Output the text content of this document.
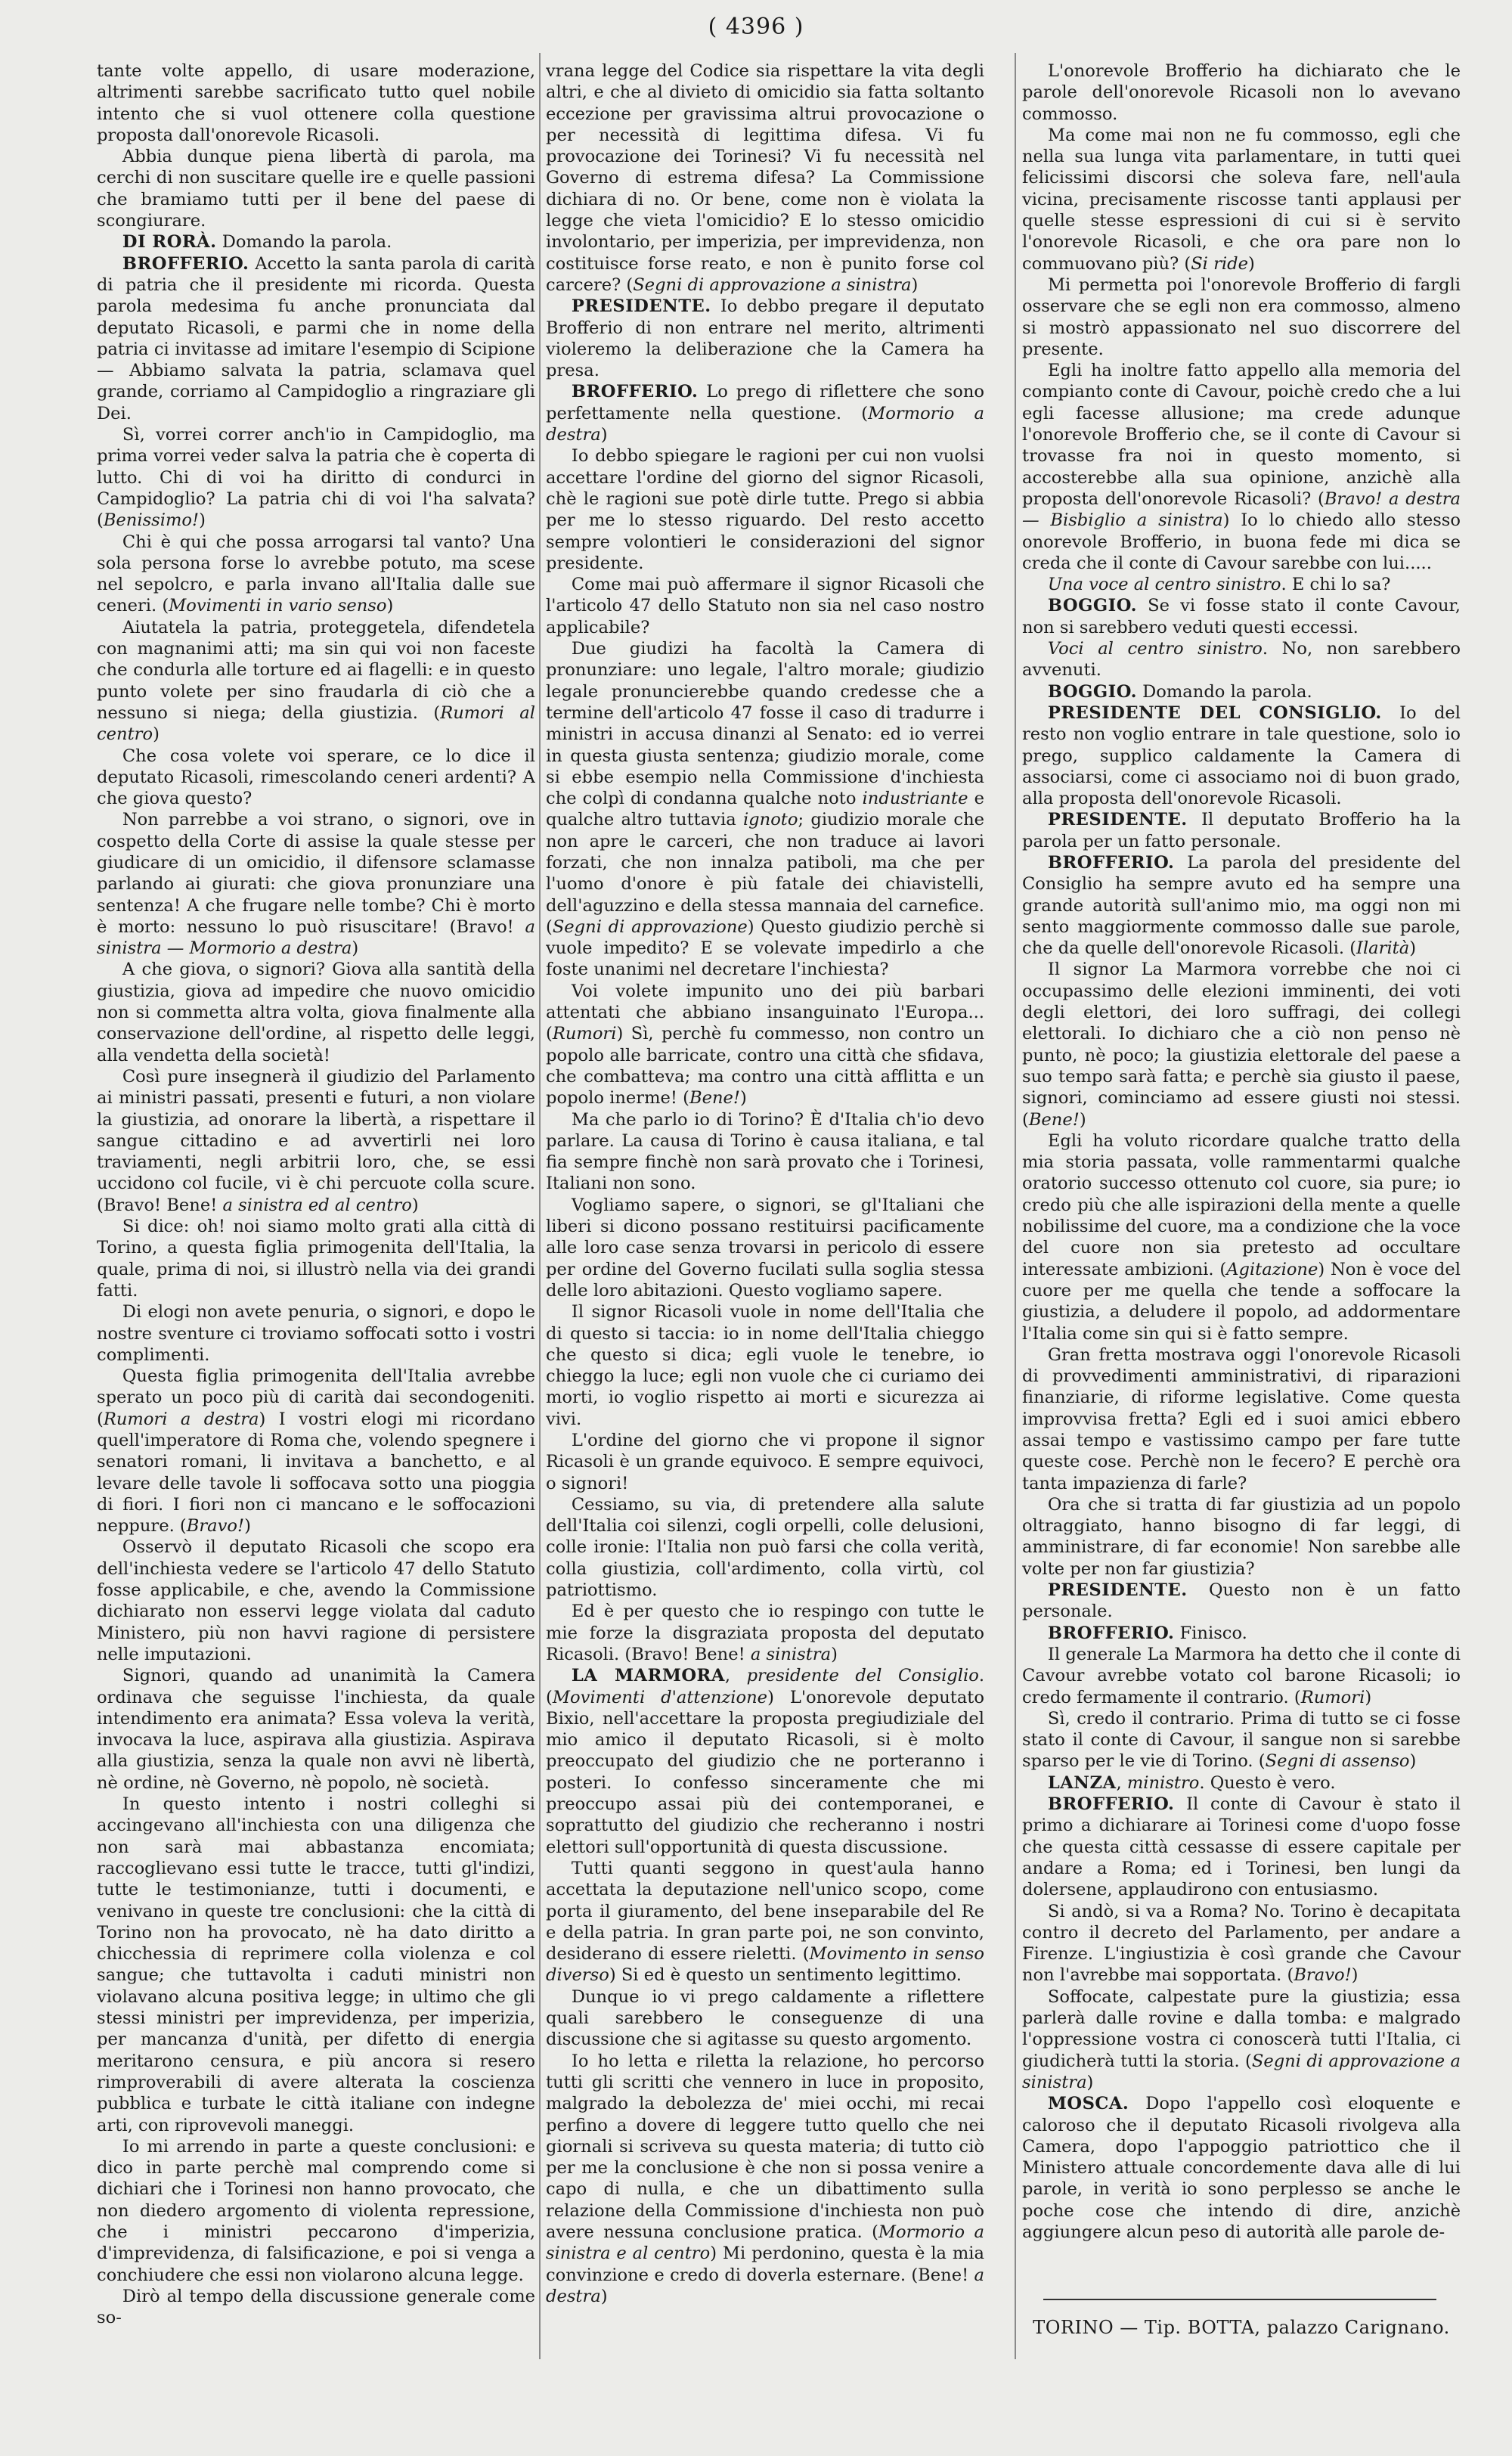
( 4396 )

tante volte appello, di usare moderazione, altrimenti sarebbe sacrificato tutto quel nobile intento che si vuol ottenere colla questione proposta dall'onorevole Ricasoli.

Abbia dunque piena libertà di parola, ma cerchi di non suscitare quelle ire e quelle passioni che bramiamo tutti per il bene del paese di scongiurare.

DI RORÀ. Domando la parola.

BROFFERIO. Accetto la santa parola di carità di patria che il presidente mi ricorda. Questa parola medesima fu anche pronunciata dal deputato Ricasoli, e parmi che in nome della patria ci invitasse ad imitare l'esempio di Scipione — Abbiamo salvata la patria, sclamava quel grande, corriamo al Campidoglio a ringraziare gli Dei.

Sì, vorrei correr anch'io in Campidoglio, ma prima vorrei veder salva la patria che è coperta di lutto. Chi di voi ha diritto di condurci in Campidoglio? La patria chi di voi l'ha salvata? (Benissimo!)

Chi è qui che possa arrogarsi tal vanto? Una sola persona forse lo avrebbe potuto, ma scese nel sepolcro, e parla invano all'Italia dalle sue ceneri. (Movimenti in vario senso)

Aiutatela la patria, proteggetela, difendetela con magnanimi atti; ma sin qui voi non faceste che condurla alle torture ed ai flagelli: e in questo punto volete per sino fraudarla di ciò che a nessuno si niega; della giustizia. (Rumori al centro)

Che cosa volete voi sperare, ce lo dice il deputato Ricasoli, rimescolando ceneri ardenti? A che giova questo?

Non parrebbe a voi strano, o signori, ove in cospetto della Corte di assise la quale stesse per giudicare di un omicidio, il difensore sclamasse parlando ai giurati: che giova pronunziare una sentenza! A che frugare nelle tombe? Chi è morto è morto: nessuno lo può risuscitare! (Bravo! a sinistra — Mormorio a destra)

A che giova, o signori? Giova alla santità della giustizia, giova ad impedire che nuovo omicidio non si commetta altra volta, giova finalmente alla conservazione dell'ordine, al rispetto delle leggi, alla vendetta della società!

Così pure insegnerà il giudizio del Parlamento ai ministri passati, presenti e futuri, a non violare la giustizia, ad onorare la libertà, a rispettare il sangue cittadino e ad avvertirli nei loro traviamenti, negli arbitrii loro, che, se essi uccidono col fucile, vi è chi percuote colla scure. (Bravo! Bene! a sinistra ed al centro)

Si dice: oh! noi siamo molto grati alla città di Torino, a questa figlia primogenita dell'Italia, la quale, prima di noi, si illustrò nella via dei grandi fatti.

Di elogi non avete penuria, o signori, e dopo le nostre sventure ci troviamo soffocati sotto i vostri complimenti.

Questa figlia primogenita dell'Italia avrebbe sperato un poco più di carità dai secondogeniti. (Rumori a destra) I vostri elogi mi ricordano quell'imperatore di Roma che, volendo spegnere i senatori romani, li invitava a banchetto, e al levare delle tavole li soffocava sotto una pioggia di fiori. I fiori non ci mancano e le soffocazioni neppure. (Bravo!)

Osservò il deputato Ricasoli che scopo era dell'inchiesta vedere se l'articolo 47 dello Statuto fosse applicabile, e che, avendo la Commissione dichiarato non esservi legge violata dal caduto Ministero, più non havvi ragione di persistere nelle imputazioni.

Signori, quando ad unanimità la Camera ordinava che seguisse l'inchiesta, da quale intendimento era animata? Essa voleva la verità, invocava la luce, aspirava alla giustizia. Aspirava alla giustizia, senza la quale non avvi nè libertà, nè ordine, nè Governo, nè popolo, nè società.

In questo intento i nostri colleghi si accingevano all'inchiesta con una diligenza che non sarà mai abbastanza encomiata; raccoglievano essi tutte le tracce, tutti gl'indizi, tutte le testimonianze, tutti i documenti, e venivano in queste tre conclusioni: che la città di Torino non ha provocato, nè ha dato diritto a chicchessia di reprimere colla violenza e col sangue; che tuttavolta i caduti ministri non violavano alcuna positiva legge; in ultimo che gli stessi ministri per imprevidenza, per imperizia, per mancanza d'unità, per difetto di energia meritarono censura, e più ancora si resero rimproverabili di avere alterata la coscienza pubblica e turbate le città italiane con indegne arti, con riprovevoli maneggi.

Io mi arrendo in parte a queste conclusioni: e dico in parte perchè mal comprendo come si dichiari che i Torinesi non hanno provocato, che non diedero argomento di violenta repressione, che i ministri peccarono d'imperizia, d'imprevidenza, di falsificazione, e poi si venga a conchiudere che essi non violarono alcuna legge.

Dirò al tempo della discussione generale come so-

vrana legge del Codice sia rispettare la vita degli altri, e che al divieto di omicidio sia fatta soltanto eccezione per gravissima altrui provocazione o per necessità di legittima difesa. Vi fu provocazione dei Torinesi? Vi fu necessità nel Governo di estrema difesa? La Commissione dichiara di no. Or bene, come non è violata la legge che vieta l'omicidio? E lo stesso omicidio involontario, per imperizia, per imprevidenza, non costituisce forse reato, e non è punito forse col carcere? (Segni di approvazione a sinistra)

PRESIDENTE. Io debbo pregare il deputato Brofferio di non entrare nel merito, altrimenti violeremo la deliberazione che la Camera ha presa.

BROFFERIO. Lo prego di riflettere che sono perfettamente nella questione. (Mormorio a destra)

Io debbo spiegare le ragioni per cui non vuolsi accettare l'ordine del giorno del signor Ricasoli, chè le ragioni sue potè dirle tutte. Prego si abbia per me lo stesso riguardo. Del resto accetto sempre volontieri le considerazioni del signor presidente.

Come mai può affermare il signor Ricasoli che l'articolo 47 dello Statuto non sia nel caso nostro applicabile?

Due giudizi ha facoltà la Camera di pronunziare: uno legale, l'altro morale; giudizio legale pronuncierebbe quando credesse che a termine dell'articolo 47 fosse il caso di tradurre i ministri in accusa dinanzi al Senato: ed io verrei in questa giusta sentenza; giudizio morale, come si ebbe esempio nella Commissione d'inchiesta che colpì di condanna qualche noto industriante e qualche altro tuttavia ignoto; giudizio morale che non apre le carceri, che non traduce ai lavori forzati, che non innalza patiboli, ma che per l'uomo d'onore è più fatale dei chiavistelli, dell'aguzzino e della stessa mannaia del carnefice. (Segni di approvazione) Questo giudizio perchè si vuole impedito? E se volevate impedirlo a che foste unanimi nel decretare l'inchiesta?

Voi volete impunito uno dei più barbari attentati che abbiano insanguinato l'Europa... (Rumori) Sì, perchè fu commesso, non contro un popolo alle barricate, contro una città che sfidava, che combatteva; ma contro una città afflitta e un popolo inerme! (Bene!)

Ma che parlo io di Torino? È d'Italia ch'io devo parlare. La causa di Torino è causa italiana, e tal fia sempre finchè non sarà provato che i Torinesi, Italiani non sono.

Vogliamo sapere, o signori, se gl'Italiani che liberi si dicono possano restituirsi pacificamente alle loro case senza trovarsi in pericolo di essere per ordine del Governo fucilati sulla soglia stessa delle loro abitazioni. Questo vogliamo sapere.

Il signor Ricasoli vuole in nome dell'Italia che di questo si taccia: io in nome dell'Italia chieggo che questo si dica; egli vuole le tenebre, io chieggo la luce; egli non vuole che ci curiamo dei morti, io voglio rispetto ai morti e sicurezza ai vivi.

L'ordine del giorno che vi propone il signor Ricasoli è un grande equivoco. E sempre equivoci, o signori!

Cessiamo, su via, di pretendere alla salute dell'Italia coi silenzi, cogli orpelli, colle delusioni, colle ironie: l'Italia non può farsi che colla verità, colla giustizia, coll'ardimento, colla virtù, col patriottismo.

Ed è per questo che io respingo con tutte le mie forze la disgraziata proposta del deputato Ricasoli. (Bravo! Bene! a sinistra)

LA MARMORA, presidente del Consiglio. (Movimenti d'attenzione) L'onorevole deputato Bixio, nell'accettare la proposta pregiudiziale del mio amico il deputato Ricasoli, si è molto preoccupato del giudizio che ne porteranno i posteri. Io confesso sinceramente che mi preoccupo assai più dei contemporanei, e soprattutto del giudizio che recheranno i nostri elettori sull'opportunità di questa discussione.

Tutti quanti seggono in quest'aula hanno accettata la deputazione nell'unico scopo, come porta il giuramento, del bene inseparabile del Re e della patria. In gran parte poi, ne son convinto, desiderano di essere rieletti. (Movimento in senso diverso) Si ed è questo un sentimento legittimo.

Dunque io vi prego caldamente a riflettere quali sarebbero le conseguenze di una discussione che si agitasse su questo argomento.

Io ho letta e riletta la relazione, ho percorso tutti gli scritti che vennero in luce in proposito, malgrado la debolezza de' miei occhi, mi recai perfino a dovere di leggere tutto quello che nei giornali si scriveva su questa materia; di tutto ciò per me la conclusione è che non si possa venire a capo di nulla, e che un dibattimento sulla relazione della Commissione d'inchiesta non può avere nessuna conclusione pratica. (Mormorio a sinistra e al centro) Mi perdonino, questa è la mia convinzione e credo di doverla esternare. (Bene! a destra)

L'onorevole Brofferio ha dichiarato che le parole dell'onorevole Ricasoli non lo avevano commosso.

Ma come mai non ne fu commosso, egli che nella sua lunga vita parlamentare, in tutti quei felicissimi discorsi che soleva fare, nell'aula vicina, precisamente riscosse tanti applausi per quelle stesse espressioni di cui si è servito l'onorevole Ricasoli, e che ora pare non lo commuovano più? (Si ride)

Mi permetta poi l'onorevole Brofferio di fargli osservare che se egli non era commosso, almeno si mostrò appassionato nel suo discorrere del presente.

Egli ha inoltre fatto appello alla memoria del compianto conte di Cavour, poichè credo che a lui egli facesse allusione; ma crede adunque l'onorevole Brofferio che, se il conte di Cavour si trovasse fra noi in questo momento, si accosterebbe alla sua opinione, anzichè alla proposta dell'onorevole Ricasoli? (Bravo! a destra — Bisbiglio a sinistra) Io lo chiedo allo stesso onorevole Brofferio, in buona fede mi dica se creda che il conte di Cavour sarebbe con lui.....

Una voce al centro sinistro. E chi lo sa?

BOGGIO. Se vi fosse stato il conte Cavour, non si sarebbero veduti questi eccessi.

Voci al centro sinistro. No, non sarebbero avvenuti.

BOGGIO. Domando la parola.

PRESIDENTE DEL CONSIGLIO. Io del resto non voglio entrare in tale questione, solo io prego, supplico caldamente la Camera di associarsi, come ci associamo noi di buon grado, alla proposta dell'onorevole Ricasoli.

PRESIDENTE. Il deputato Brofferio ha la parola per un fatto personale.

BROFFERIO. La parola del presidente del Consiglio ha sempre avuto ed ha sempre una grande autorità sull'animo mio, ma oggi non mi sento maggiormente commosso dalle sue parole, che da quelle dell'onorevole Ricasoli. (Ilarità)

Il signor La Marmora vorrebbe che noi ci occupassimo delle elezioni imminenti, dei voti degli elettori, dei loro suffragi, dei collegi elettorali. Io dichiaro che a ciò non penso nè punto, nè poco; la giustizia elettorale del paese a suo tempo sarà fatta; e perchè sia giusto il paese, signori, cominciamo ad essere giusti noi stessi. (Bene!)

Egli ha voluto ricordare qualche tratto della mia storia passata, volle rammentarmi qualche oratorio successo ottenuto col cuore, sia pure; io credo più che alle ispirazioni della mente a quelle nobilissime del cuore, ma a condizione che la voce del cuore non sia pretesto ad occultare interessate ambizioni. (Agitazione) Non è voce del cuore per me quella che tende a soffocare la giustizia, a deludere il popolo, ad addormentare l'Italia come sin qui si è fatto sempre.

Gran fretta mostrava oggi l'onorevole Ricasoli di provvedimenti amministrativi, di riparazioni finanziarie, di riforme legislative. Come questa improvvisa fretta? Egli ed i suoi amici ebbero assai tempo e vastissimo campo per fare tutte queste cose. Perchè non le fecero? E perchè ora tanta impazienza di farle?

Ora che si tratta di far giustizia ad un popolo oltraggiato, hanno bisogno di far leggi, di amministrare, di far economie! Non sarebbe alle volte per non far giustizia?

PRESIDENTE. Questo non è un fatto personale.

BROFFERIO. Finisco.

Il generale La Marmora ha detto che il conte di Cavour avrebbe votato col barone Ricasoli; io credo fermamente il contrario. (Rumori)

Sì, credo il contrario. Prima di tutto se ci fosse stato il conte di Cavour, il sangue non si sarebbe sparso per le vie di Torino. (Segni di assenso)

LANZA, ministro. Questo è vero.

BROFFERIO. Il conte di Cavour è stato il primo a dichiarare ai Torinesi come d'uopo fosse che questa città cessasse di essere capitale per andare a Roma; ed i Torinesi, ben lungi da dolersene, applaudirono con entusiasmo.

Si andò, si va a Roma? No. Torino è decapitata contro il decreto del Parlamento, per andare a Firenze. L'ingiustizia è così grande che Cavour non l'avrebbe mai sopportata. (Bravo!)

Soffocate, calpestate pure la giustizia; essa parlerà dalle rovine e dalla tomba: e malgrado l'oppressione vostra ci conoscerà tutti l'Italia, ci giudicherà tutti la storia. (Segni di approvazione a sinistra)

MOSCA. Dopo l'appello così eloquente e caloroso che il deputato Ricasoli rivolgeva alla Camera, dopo l'appoggio patriottico che il Ministero attuale concordemente dava alle di lui parole, in verità io sono perplesso se anche le poche cose che intendo di dire, anzichè aggiungere alcun peso di autorità alle parole de-

TORINO — Tip. BOTTA, palazzo Carignano.
